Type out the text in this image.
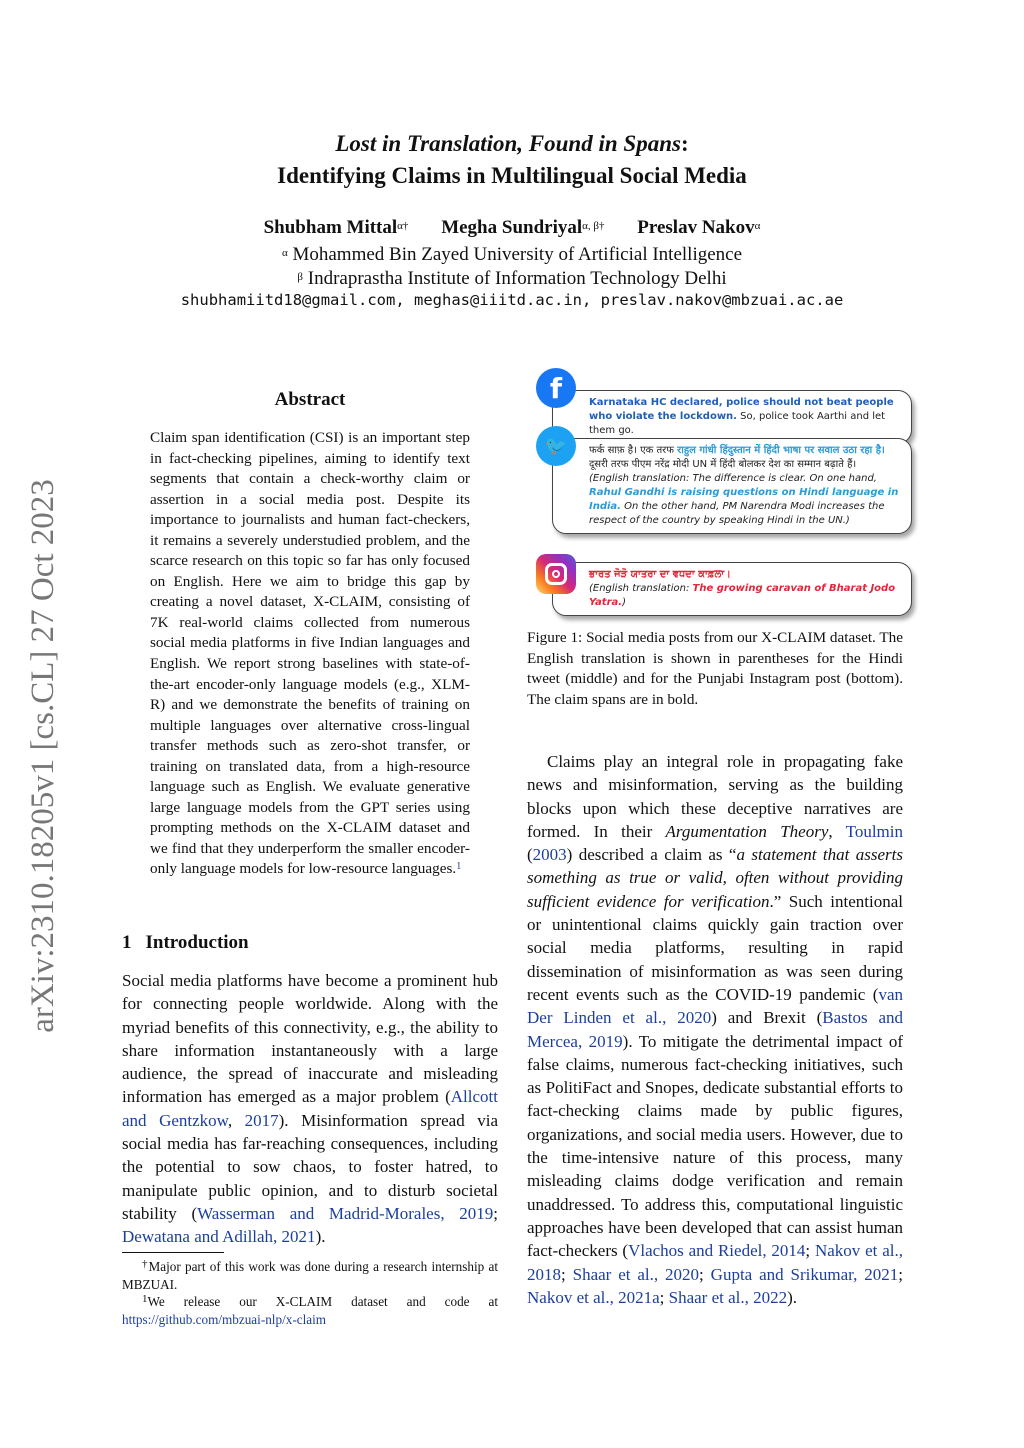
Lost in Translation, Found in Spans:
Identifying Claims in Multilingual Social Media
Shubham Mittal$^{\alpha\dagger}$ Megha Sundriyal$^{\alpha, \beta\dagger}$ Preslav Nakov$^\alpha$
$^\alpha$ Mohammed Bin Zayed University of Artificial Intelligence
$^\beta$ Indraprastha Institute of Information Technology Delhi
shubhamiitd18@gmail.com, meghas@iiitd.ac.in, preslav.nakov@mbzuai.ac.ae
arXiv:2310.18205v1 [cs.CL] 27 Oct 2023
Abstract
Claim span identification (CSI) is an important step in fact-checking pipelines, aiming to identify text segments that contain a check-worthy claim or assertion in a social media post. Despite its importance to journalists and human fact-checkers, it remains a severely understudied problem, and the scarce research on this topic so far has only focused on English. Here we aim to bridge this gap by creating a novel dataset, X-CLAIM, consisting of 7K real-world claims collected from numerous social media platforms in five Indian languages and English. We report strong baselines with state-of-the-art encoder-only language models (e.g., XLM-R) and we demonstrate the benefits of training on multiple languages over alternative cross-lingual transfer methods such as zero-shot transfer, or training on translated data, from a high-resource language such as English. We evaluate generative large language models from the GPT series using prompting methods on the X-CLAIM dataset and we find that they underperform the smaller encoder-only language models for low-resource languages.$^1$
1 Introduction

Social media platforms have become a prominent hub for connecting people worldwide. Along with the myriad benefits of this connectivity, e.g., the ability to share information instantaneously with a large audience, the spread of inaccurate and misleading information has emerged as a major problem (Allcott and Gentzkow, 2017). Misinformation spread via social media has far-reaching consequences, including the potential to sow chaos, to foster hatred, to manipulate public opinion, and to disturb societal stability (Wasserman and Madrid-Morales, 2019; Dewatana and Adillah, 2021).

†Major part of this work was done during a research internship at MBZUAI.

$^1$We release our X-CLAIM dataset and code at https://github.com/mbzuai-nlp/x-claim

Karnataka HC declared, police should not beat people who violate the lockdown. So, police took Aarthi and let them go.
f
फर्क साफ़ है। एक तरफ राहुल गांधी हिंदुस्तान में हिंदी भाषा पर सवाल उठा रहा है। दूसरी तरफ पीएम नरेंद्र मोदी UN में हिंदी बोलकर देश का सम्मान बढ़ाते हैं।
(English translation: The difference is clear. On one hand, Rahul Gandhi is raising questions on Hindi language in India. On the other hand, PM Narendra Modi increases the respect of the country by speaking Hindi in the UN.)
🐦
ਭਾਰਤ ਜੋੜੋ ਯਾਤਰਾ ਦਾ ਵਧਦਾ ਕਾਫ਼ਲਾ।
(English translation: The growing caravan of Bharat Jodo Yatra.)
Figure 1: Social media posts from our X-CLAIM dataset. The English translation is shown in parentheses for the Hindi tweet (middle) and for the Punjabi Instagram post (bottom). The claim spans are in bold.

Claims play an integral role in propagating fake news and misinformation, serving as the building blocks upon which these deceptive narratives are formed. In their Argumentation Theory, Toulmin (2003) described a claim as “a statement that asserts something as true or valid, often without providing sufficient evidence for verification.” Such intentional or unintentional claims quickly gain traction over social media platforms, resulting in rapid dissemination of misinformation as was seen during recent events such as the COVID-19 pandemic (van Der Linden et al., 2020) and Brexit (Bastos and Mercea, 2019). To mitigate the detrimental impact of false claims, numerous fact-checking initiatives, such as PolitiFact and Snopes, dedicate substantial efforts to fact-checking claims made by public figures, organizations, and social media users. However, due to the time-intensive nature of this process, many misleading claims dodge verification and remain unaddressed. To address this, computational linguistic approaches have been developed that can assist human fact-checkers (Vlachos and Riedel, 2014; Nakov et al., 2018; Shaar et al., 2020; Gupta and Srikumar, 2021; Nakov et al., 2021a; Shaar et al., 2022).
